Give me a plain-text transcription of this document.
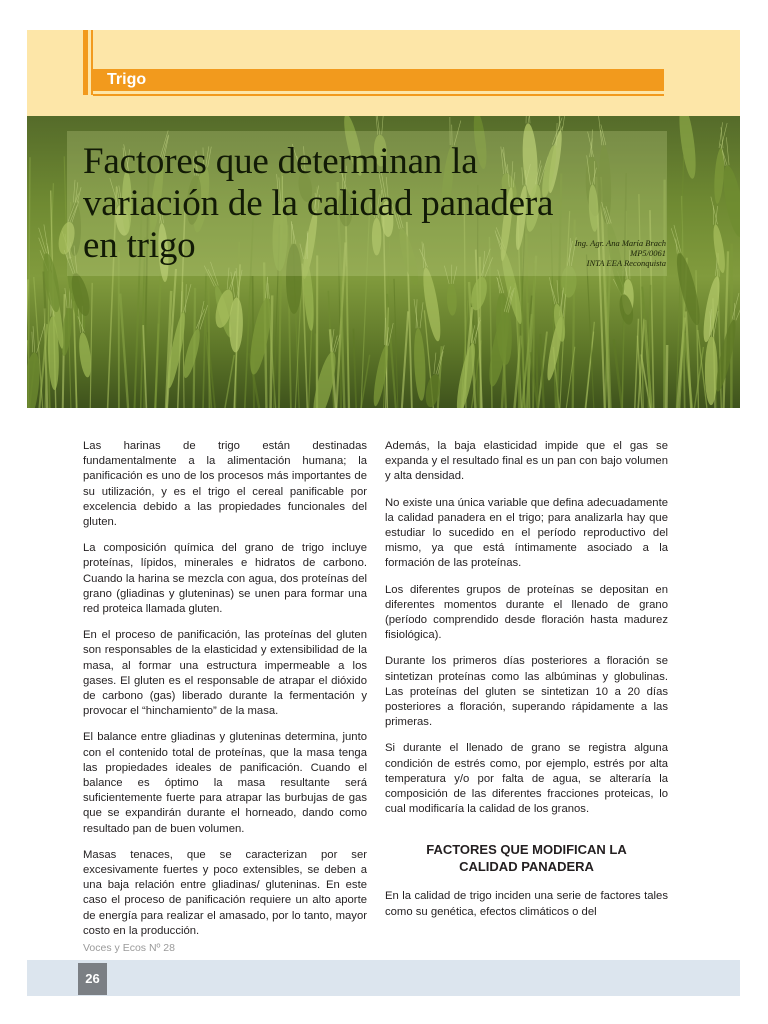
Trigo
Factores que determinan la
variación de la calidad panadera
en trigo	Ing. Agr. Ana María Brach
MP5/0061
INTA EEA Reconquista

Las harinas de trigo están destinadas fundamentalmente a la alimentación humana; la panificación es uno de los procesos más importantes de su utilización, y es el trigo el cereal panificable por excelencia debido a las propiedades funcionales del gluten.

La composición química del grano de trigo incluye proteínas, lípidos, minerales e hidratos de carbono. Cuando la harina se mezcla con agua, dos proteínas del grano (gliadinas y gluteninas) se unen para formar una red proteica llamada gluten.

En el proceso de panificación, las proteínas del gluten son responsables de la elasticidad y extensibilidad de la masa, al formar una estructura impermeable a los gases. El gluten es el responsable de atrapar el dióxido de carbono (gas) liberado durante la fermentación y provocar el “hinchamiento” de la masa.

El balance entre gliadinas y gluteninas determina, junto con el contenido total de proteínas, que la masa tenga las propiedades ideales de panificación. Cuando el balance es óptimo la masa resultante será suficientemente fuerte para atrapar las burbujas de gas que se expandirán durante el horneado, dando como resultado pan de buen volumen.

Masas tenaces, que se caracterizan por ser excesivamente fuertes y poco extensibles, se deben a una baja relación entre gliadinas/ gluteninas. En este caso el proceso de panificación requiere un alto aporte de energía para realizar el amasado, por lo tanto, mayor costo en la producción.

Además, la baja elasticidad impide que el gas se expanda y el resultado final es un pan con bajo volumen y alta densidad.

No existe una única variable que defina adecuadamente la calidad panadera en el trigo; para analizarla hay que estudiar lo sucedido en el período reproductivo del mismo, ya que está íntimamente asociado a la formación de las proteínas.

Los diferentes grupos de proteínas se depositan en diferentes momentos durante el llenado de grano (período comprendido desde floración hasta madurez fisiológica).

Durante los primeros días posteriores a floración se sintetizan proteínas como las albúminas y globulinas. Las proteínas del gluten se sintetizan 10 a 20 días posteriores a floración, superando rápidamente a las primeras.

Si durante el llenado de grano se registra alguna condición de estrés como, por ejemplo, estrés por alta temperatura y/o por falta de agua, se alteraría la composición de las diferentes fracciones proteicas, lo cual modificaría la calidad de los granos.

FACTORES QUE MODIFICAN LA
CALIDAD PANADERA

En la calidad de trigo inciden una serie de factores tales como su genética, efectos climáticos o del

Voces y Ecos Nº 28
26
